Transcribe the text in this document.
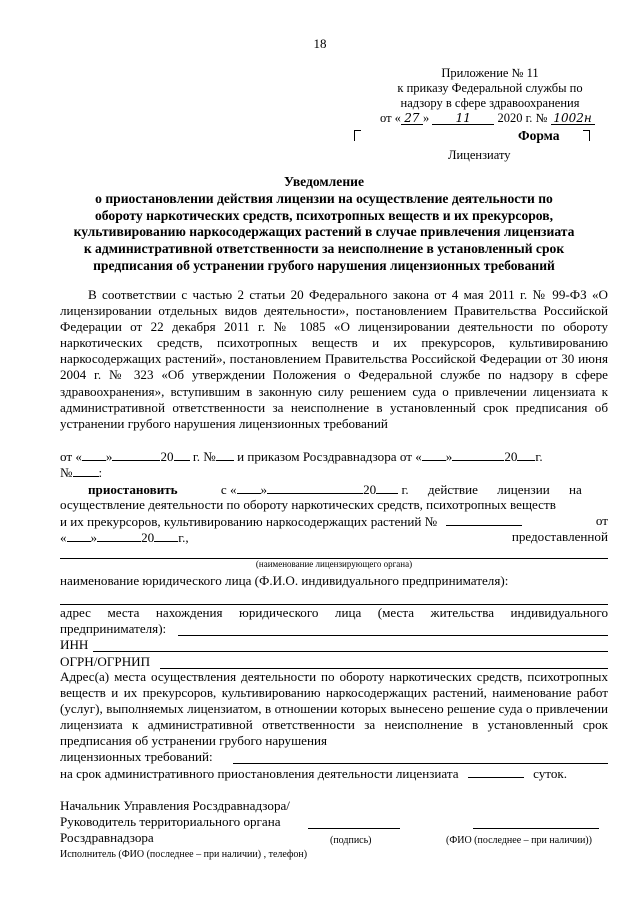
18
Приложение № 11
к приказу Федеральной службы по
надзору в сфере здравоохранения
от « 27 » 11 2020 г. № 1002н
Форма
Лицензиату
Уведомление
о приостановлении действия лицензии на осуществление деятельности по
обороту наркотических средств, психотропных веществ и их прекурсоров,
культивированию наркосодержащих растений в случае привлечения лицензиата
к административной ответственности за неисполнение в установленный срок
предписания об устранении грубого нарушения лицензионных требований
В соответствии с частью 2 статьи 20 Федерального закона от 4 мая 2011 г. № 99-ФЗ «О лицензировании отдельных видов деятельности», постановлением Правительства Российской Федерации от 22 декабря 2011 г. № 1085 «О лицензировании деятельности по обороту наркотических средств, психотропных веществ и их прекурсоров, культивированию наркосодержащих растений», постановлением Правительства Российской Федерации от 30 июня 2004 г. № 323 «Об утверждении Положения о Федеральной службе по надзору в сфере здравоохранения», вступившим в законную силу решением суда о привлечении лицензиата к административной ответственности за неисполнение в установленный срок предписания об устранении грубого нарушения лицензионных требований
от « »	20 г. № и приказом Росздравнадзора от « »	20 г.
№ :
приостановить	с « »	20 г. действие лицензии на
осуществление деятельности по обороту наркотических средств, психотропных веществ
и их прекурсоров, культивированию наркосодержащих растений №	от
« »	20 г.,	предоставленной
(наименование лицензирующего органа)
наименование юридического лица (Ф.И.О. индивидуального предпринимателя):
адрес места нахождения юридического лица (места жительства индивидуального
предпринимателя):
ИНН
ОГРН/ОГРНИП
Адрес(а) места осуществления деятельности по обороту наркотических средств, психотропных веществ и их прекурсоров, культивированию наркосодержащих растений, наименование работ (услуг), выполняемых лицензиатом, в отношении которых вынесено решение суда о привлечении лицензиата к административной ответственности за неисполнение в установленный срок предписания об устранении грубого нарушения
лицензионных требований:
на срок административного приостановления деятельности лицензиата	суток.
Начальник Управления Росздравнадзора/
Руководитель территориального органа
Росздравнадзора	(подпись)	(ФИО (последнее – при наличии))
Исполнитель (ФИО (последнее – при наличии) , телефон)
